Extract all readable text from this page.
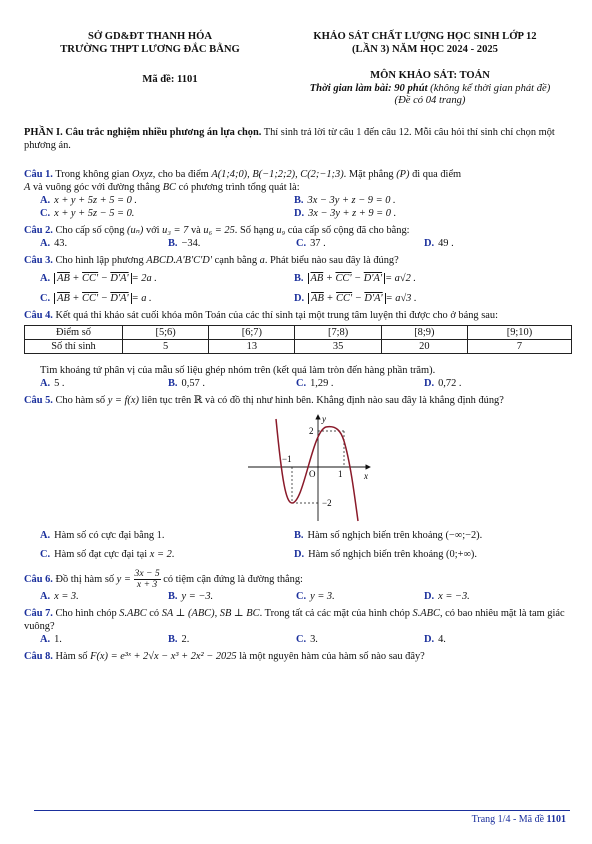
SỞ GD&ĐT THANH HÓA
TRƯỜNG THPT LƯƠNG ĐẮC BẰNG
KHẢO SÁT CHẤT LƯỢNG HỌC SINH LỚP 12
(LẦN 3) NĂM HỌC 2024 - 2025
Mã đề: 1101	MÔN KHẢO SÁT: TOÁN
Thời gian làm bài: 90 phút (không kể thời gian phát đề)
(Đề có 04 trang)

PHẦN I. Câu trắc nghiệm nhiều phương án lựa chọn. Thí sinh trả lời từ câu 1 đến câu 12. Mỗi câu hỏi thí sinh chỉ chọn một phương án.

Câu 1. Trong không gian Oxyz, cho ba điểm A(1;4;0), B(−1;2;2), C(2;−1;3). Mặt phẳng (P) đi qua điểm
A và vuông góc với đường thẳng BC có phương trình tổng quát là:

A. x + y + 5z + 5 = 0 .	B. 3x − 3y + z − 9 = 0 .
C. x + y + 5z − 5 = 0.	D. 3x − 3y + z + 9 = 0 .

Câu 2. Cho cấp số cộng (uₙ) với u₃ = 7 và u₆ = 25. Số hạng u₉ của cấp số cộng đã cho bằng:

A. 43.	B. −34.	C. 37 .	D. 49 .

Câu 3. Cho hình lập phương ABCD.A'B'C'D' cạnh bằng a. Phát biểu nào sau đây là đúng?

A. $\overline{AB} + CC' - D'A' = 2a$ .	B. $\overline{AB} + CC' - D'A' = a√2$ .
C. $\overline{AB} + CC' - D'A' = a$ .	D. $\overline{AB} + CC' - D'A' = a√3$ .

Câu 4. Kết quả thi khảo sát cuối khóa môn Toán của các thí sinh tại một trung tâm luyện thi được cho ở bảng sau:

Điểm số	[5;6)	[6;7)	[7;8)	[8;9)	[9;10)
Số thí sinh	5	13	35	20	7

Tìm khoảng tứ phân vị của mẫu số liệu ghép nhóm trên (kết quả làm tròn đến hàng phần trăm).

A. 5 .	B. 0,57 .	C. 1,29 .	D. 0,72 .

Câu 5. Cho hàm số y = f(x) liên tục trên ℝ và có đồ thị như hình bên. Khẳng định nào sau đây là khẳng định đúng?

y
x
O	1
−1
2
−2
A. Hàm số có cực đại bằng 1.	B. Hàm số nghịch biến trên khoảng (−∞;−2).
C. Hàm số đạt cực đại tại x = 2.	D. Hàm số nghịch biến trên khoảng (0;+∞).

Câu 6. Đồ thị hàm số $y = \frac{3x - 5}{x + 3}$ có tiệm cận đứng là đường thẳng:

A. x = 3.	B. y = −3.	C. y = 3.	D. x = −3.

Câu 7. Cho hình chóp S.ABC có SA ⊥ (ABC), SB ⊥ BC. Trong tất cả các mặt của hình chóp S.ABC, có bao nhiêu mặt là tam giác vuông?

A. 1.	B. 2.	C. 3.	D. 4.

Câu 8. Hàm số F(x) = e³ˣ + 2√x − x³ + 2x² − 2025 là một nguyên hàm của hàm số nào sau đây?

Trang 1/4 - Mã đề 1101
